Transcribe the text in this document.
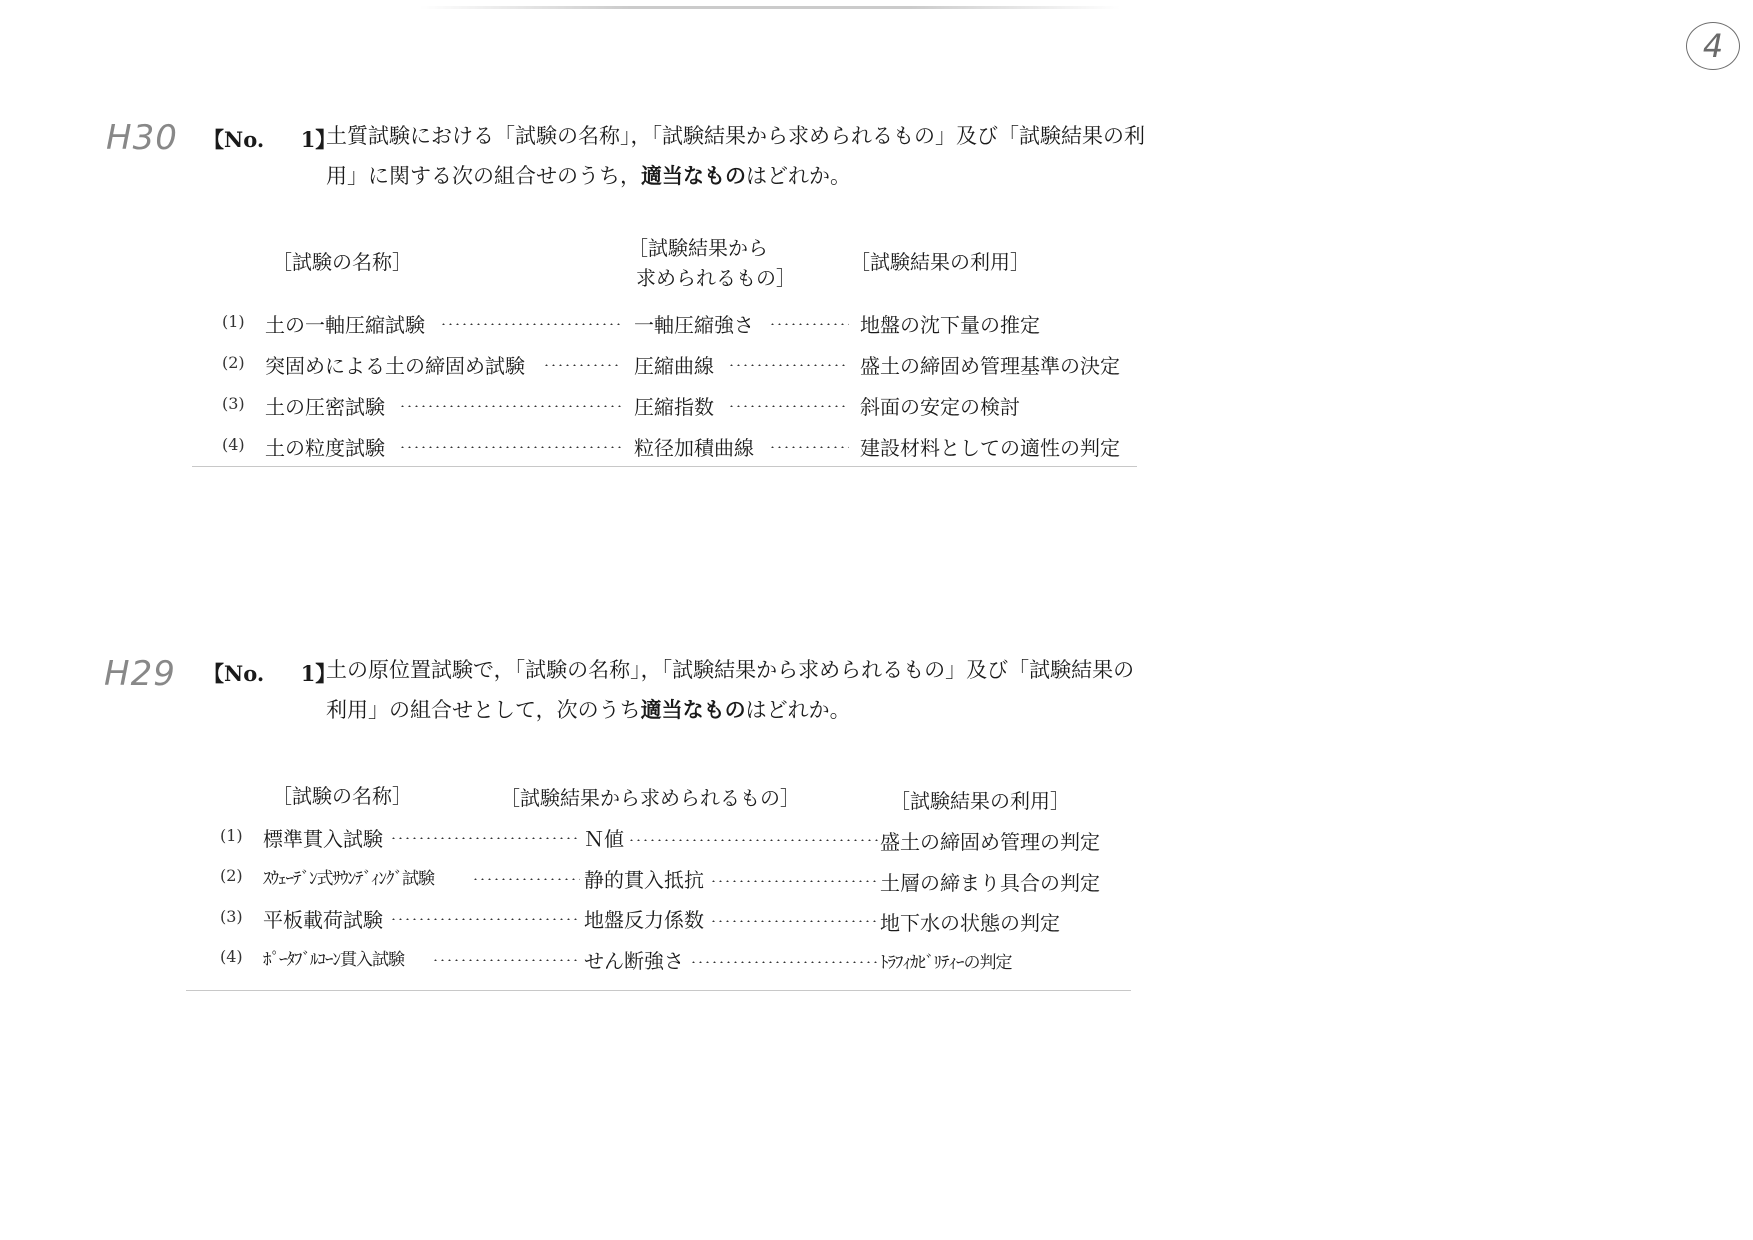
4
H30 【No.     1】
土質試験における「試験の名称」，「試験結果から求められるもの」及び「試験結果の利
用」に関する次の組合せのうち，適当なものはどれか。
［試験の名称］
［試験結果から
求められるもの］
［試験結果の利用］
(1) 土の一軸圧縮試験	一軸圧縮強さ	地盤の沈下量の推定
(2) 突固めによる土の締固め試験	圧縮曲線	盛土の締固め管理基準の決定
(3) 土の圧密試験	圧縮指数	斜面の安定の検討
(4) 土の粒度試験	粒径加積曲線	建設材料としての適性の判定
H29 【No.     1】
土の原位置試験で，「試験の名称」，「試験結果から求められるもの」及び「試験結果の
利用」の組合せとして，次のうち適当なものはどれか。
［試験の名称］	［試験結果から求められるもの］	［試験結果の利用］
(1) 標準貫入試験	Ｎ値	盛土の締固め管理の判定
(2) ｽｳｪｰﾃﾞﾝ式ｻｳﾝﾃﾞｨﾝｸﾞ試験	静的貫入抵抗	土層の締まり具合の判定
(3) 平板載荷試験	地盤反力係数	地下水の状態の判定
(4) ﾎﾟｰﾀﾌﾞﾙｺｰﾝ貫入試験	せん断強さ	ﾄﾗﾌｨｶﾋﾞﾘﾃｨｰの判定
